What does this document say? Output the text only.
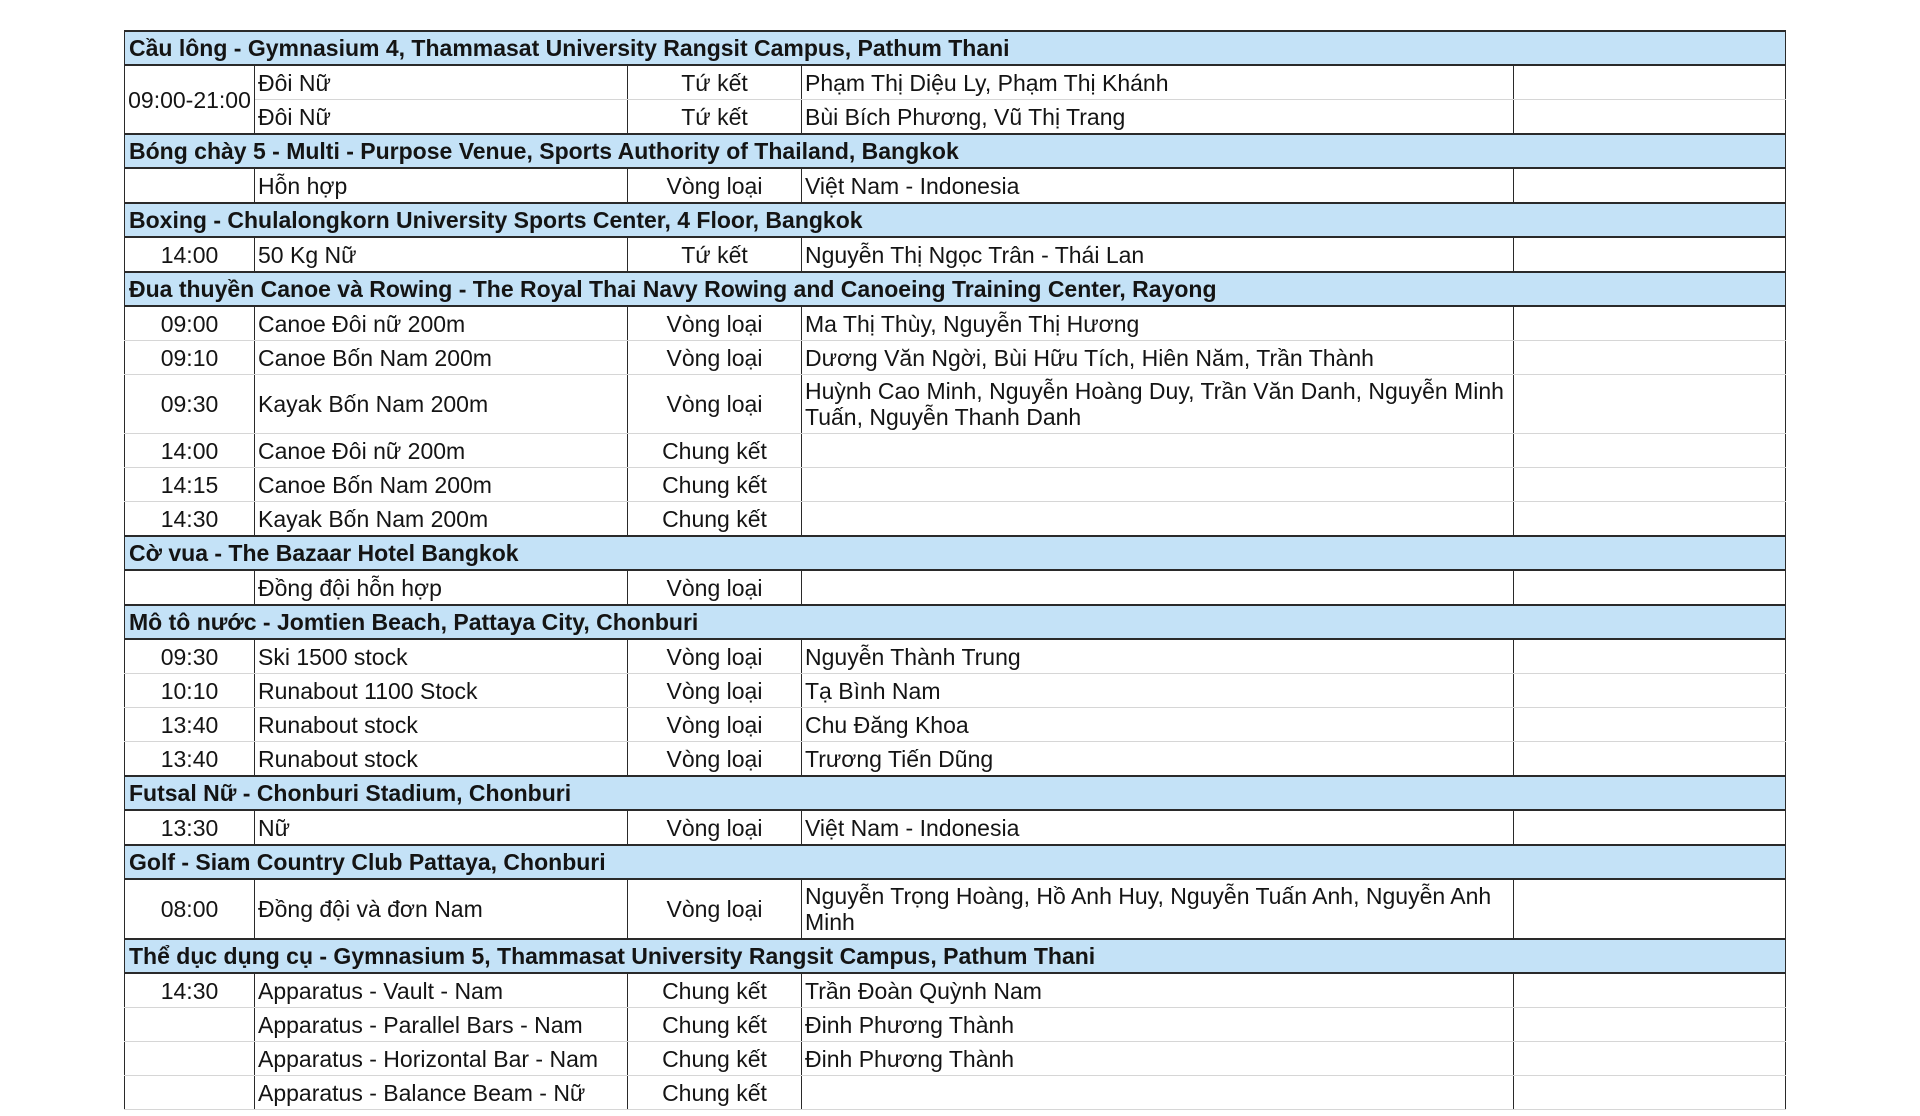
Cầu lông - Gymnasium 4, Thammasat University Rangsit Campus, Pathum Thani				
09:00-21:00	Đôi Nữ	Tứ kết	Phạm Thị Diệu Ly, Phạm Thị Khánh	
	Đôi Nữ	Tứ kết	Bùi Bích Phương, Vũ Thị Trang	
Bóng chày 5 - Multi - Purpose Venue, Sports Authority of Thailand, Bangkok				
	Hỗn hợp	Vòng loại	Việt Nam - Indonesia	
Boxing - Chulalongkorn University Sports Center, 4 Floor, Bangkok				
14:00	50 Kg Nữ	Tứ kết	Nguyễn Thị Ngọc Trân - Thái Lan	
Đua thuyền Canoe và Rowing - The Royal Thai Navy Rowing and Canoeing Training Center, Rayong				
09:00	Canoe Đôi nữ 200m	Vòng loại	Ma Thị Thùy, Nguyễn Thị Hương	
09:10	Canoe Bốn Nam 200m	Vòng loại	Dương Văn Ngời, Bùi Hữu Tích, Hiên Năm, Trần Thành	
09:30	Kayak Bốn Nam 200m	Vòng loại	Huỳnh Cao Minh, Nguyễn Hoàng Duy, Trần Văn Danh, Nguyễn Minh Tuấn, Nguyễn Thanh Danh	
14:00	Canoe Đôi nữ 200m	Chung kết		
14:15	Canoe Bốn Nam 200m	Chung kết		
14:30	Kayak Bốn Nam 200m	Chung kết		
Cờ vua - The Bazaar Hotel Bangkok				
	Đồng đội hỗn hợp	Vòng loại		
Mô tô nước - Jomtien Beach, Pattaya City, Chonburi				
09:30	Ski 1500 stock	Vòng loại	Nguyễn Thành Trung	
10:10	Runabout 1100 Stock	Vòng loại	Tạ Bình Nam	
13:40	Runabout stock	Vòng loại	Chu Đăng Khoa	
13:40	Runabout stock	Vòng loại	Trương Tiến Dũng	
Futsal Nữ - Chonburi Stadium, Chonburi				
13:30	Nữ	Vòng loại	Việt Nam - Indonesia	
Golf - Siam Country Club Pattaya, Chonburi				
08:00	Đồng đội và đơn Nam	Vòng loại	Nguyễn Trọng Hoàng, Hồ Anh Huy, Nguyễn Tuấn Anh, Nguyễn Anh Minh	
Thể dục dụng cụ - Gymnasium 5, Thammasat University Rangsit Campus, Pathum Thani				
14:30	Apparatus - Vault - Nam	Chung kết	Trần Đoàn Quỳnh Nam	
	Apparatus - Parallel Bars - Nam	Chung kết	Đinh Phương Thành	
	Apparatus - Horizontal Bar - Nam	Chung kết	Đinh Phương Thành	
	Apparatus - Balance Beam - Nữ	Chung kết		
